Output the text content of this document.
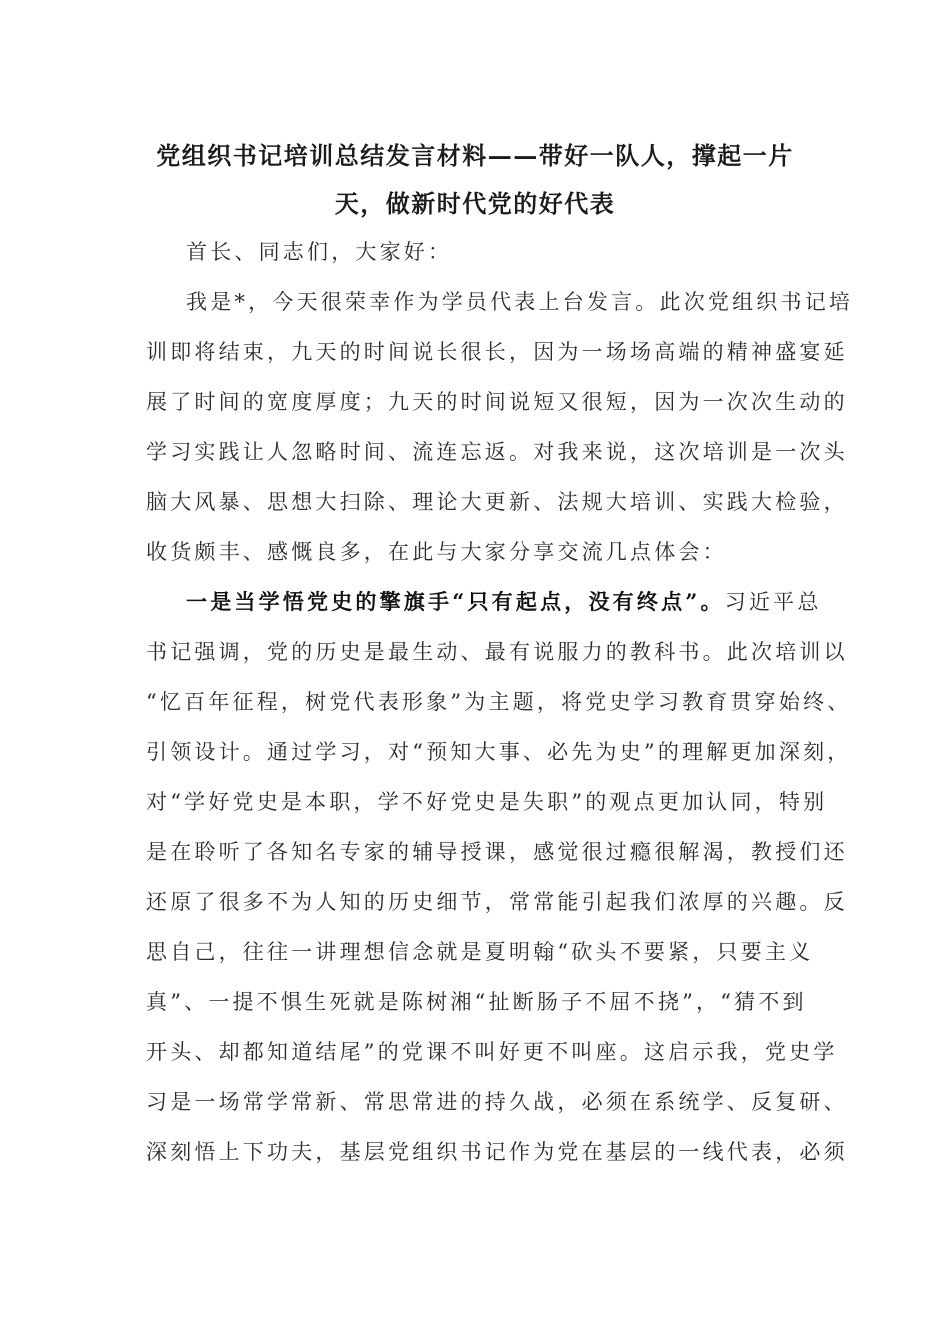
党组织书记培训总结发言材料——带好一队人，撑起一片
天，做新时代党的好代表
首长、同志们，大家好：
我是*，今天很荣幸作为学员代表上台发言。此次党组织书记培
训即将结束，九天的时间说长很长，因为一场场高端的精神盛宴延
展了时间的宽度厚度；九天的时间说短又很短，因为一次次生动的
学习实践让人忽略时间、流连忘返。对我来说，这次培训是一次头
脑大风暴、思想大扫除、理论大更新、法规大培训、实践大检验，
收货颇丰、感慨良多，在此与大家分享交流几点体会：
一是当学悟党史的擎旗手“只有起点，没有终点”。习近平总
书记强调，党的历史是最生动、最有说服力的教科书。此次培训以
“忆百年征程，树党代表形象”为主题，将党史学习教育贯穿始终、
引领设计。通过学习，对“预知大事、必先为史”的理解更加深刻，
对“学好党史是本职，学不好党史是失职”的观点更加认同，特别
是在聆听了各知名专家的辅导授课，感觉很过瘾很解渴，教授们还
还原了很多不为人知的历史细节，常常能引起我们浓厚的兴趣。反
思自己，往往一讲理想信念就是夏明翰“砍头不要紧，只要主义
真”、一提不惧生死就是陈树湘“扯断肠子不屈不挠”，“猜不到
开头、却都知道结尾”的党课不叫好更不叫座。这启示我，党史学
习是一场常学常新、常思常进的持久战，必须在系统学、反复研、
深刻悟上下功夫，基层党组织书记作为党在基层的一线代表，必须
